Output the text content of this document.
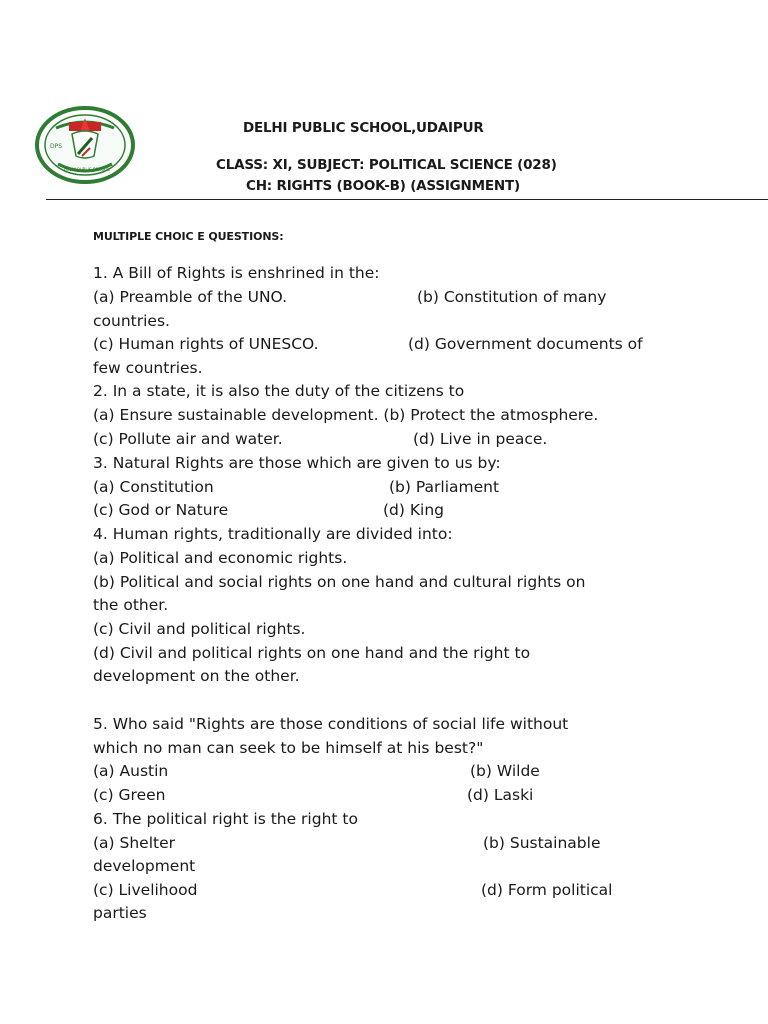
DPS
DELHI PUBLIC SCHOOL
DELHI PUBLIC SCHOOL,UDAIPUR
CLASS: XI, SUBJECT: POLITICAL SCIENCE (028)
CH: RIGHTS (BOOK-B) (ASSIGNMENT)
MULTIPLE CHOIC E QUESTIONS:
1. A Bill of Rights is enshrined in the:
(a) Preamble of the UNO.	(b) Constitution of many
countries.
(c) Human rights of UNESCO.	(d) Government documents of
few countries.
2. In a state, it is also the duty of the citizens to
(a) Ensure sustainable development. (b) Protect the atmosphere.
(c) Pollute air and water.	(d) Live in peace.
3. Natural Rights are those which are given to us by:
(a) Constitution	(b) Parliament
(c) God or Nature	(d) King
4. Human rights, traditionally are divided into:
(a) Political and economic rights.
(b) Political and social rights on one hand and cultural rights on
the other.
(c) Civil and political rights.
(d) Civil and political rights on one hand and the right to
development on the other.
5. Who said "Rights are those conditions of social life without
which no man can seek to be himself at his best?"
(a) Austin	(b) Wilde
(c) Green	(d) Laski
6. The political right is the right to
(a) Shelter	(b) Sustainable
development
(c) Livelihood	(d) Form political
parties
